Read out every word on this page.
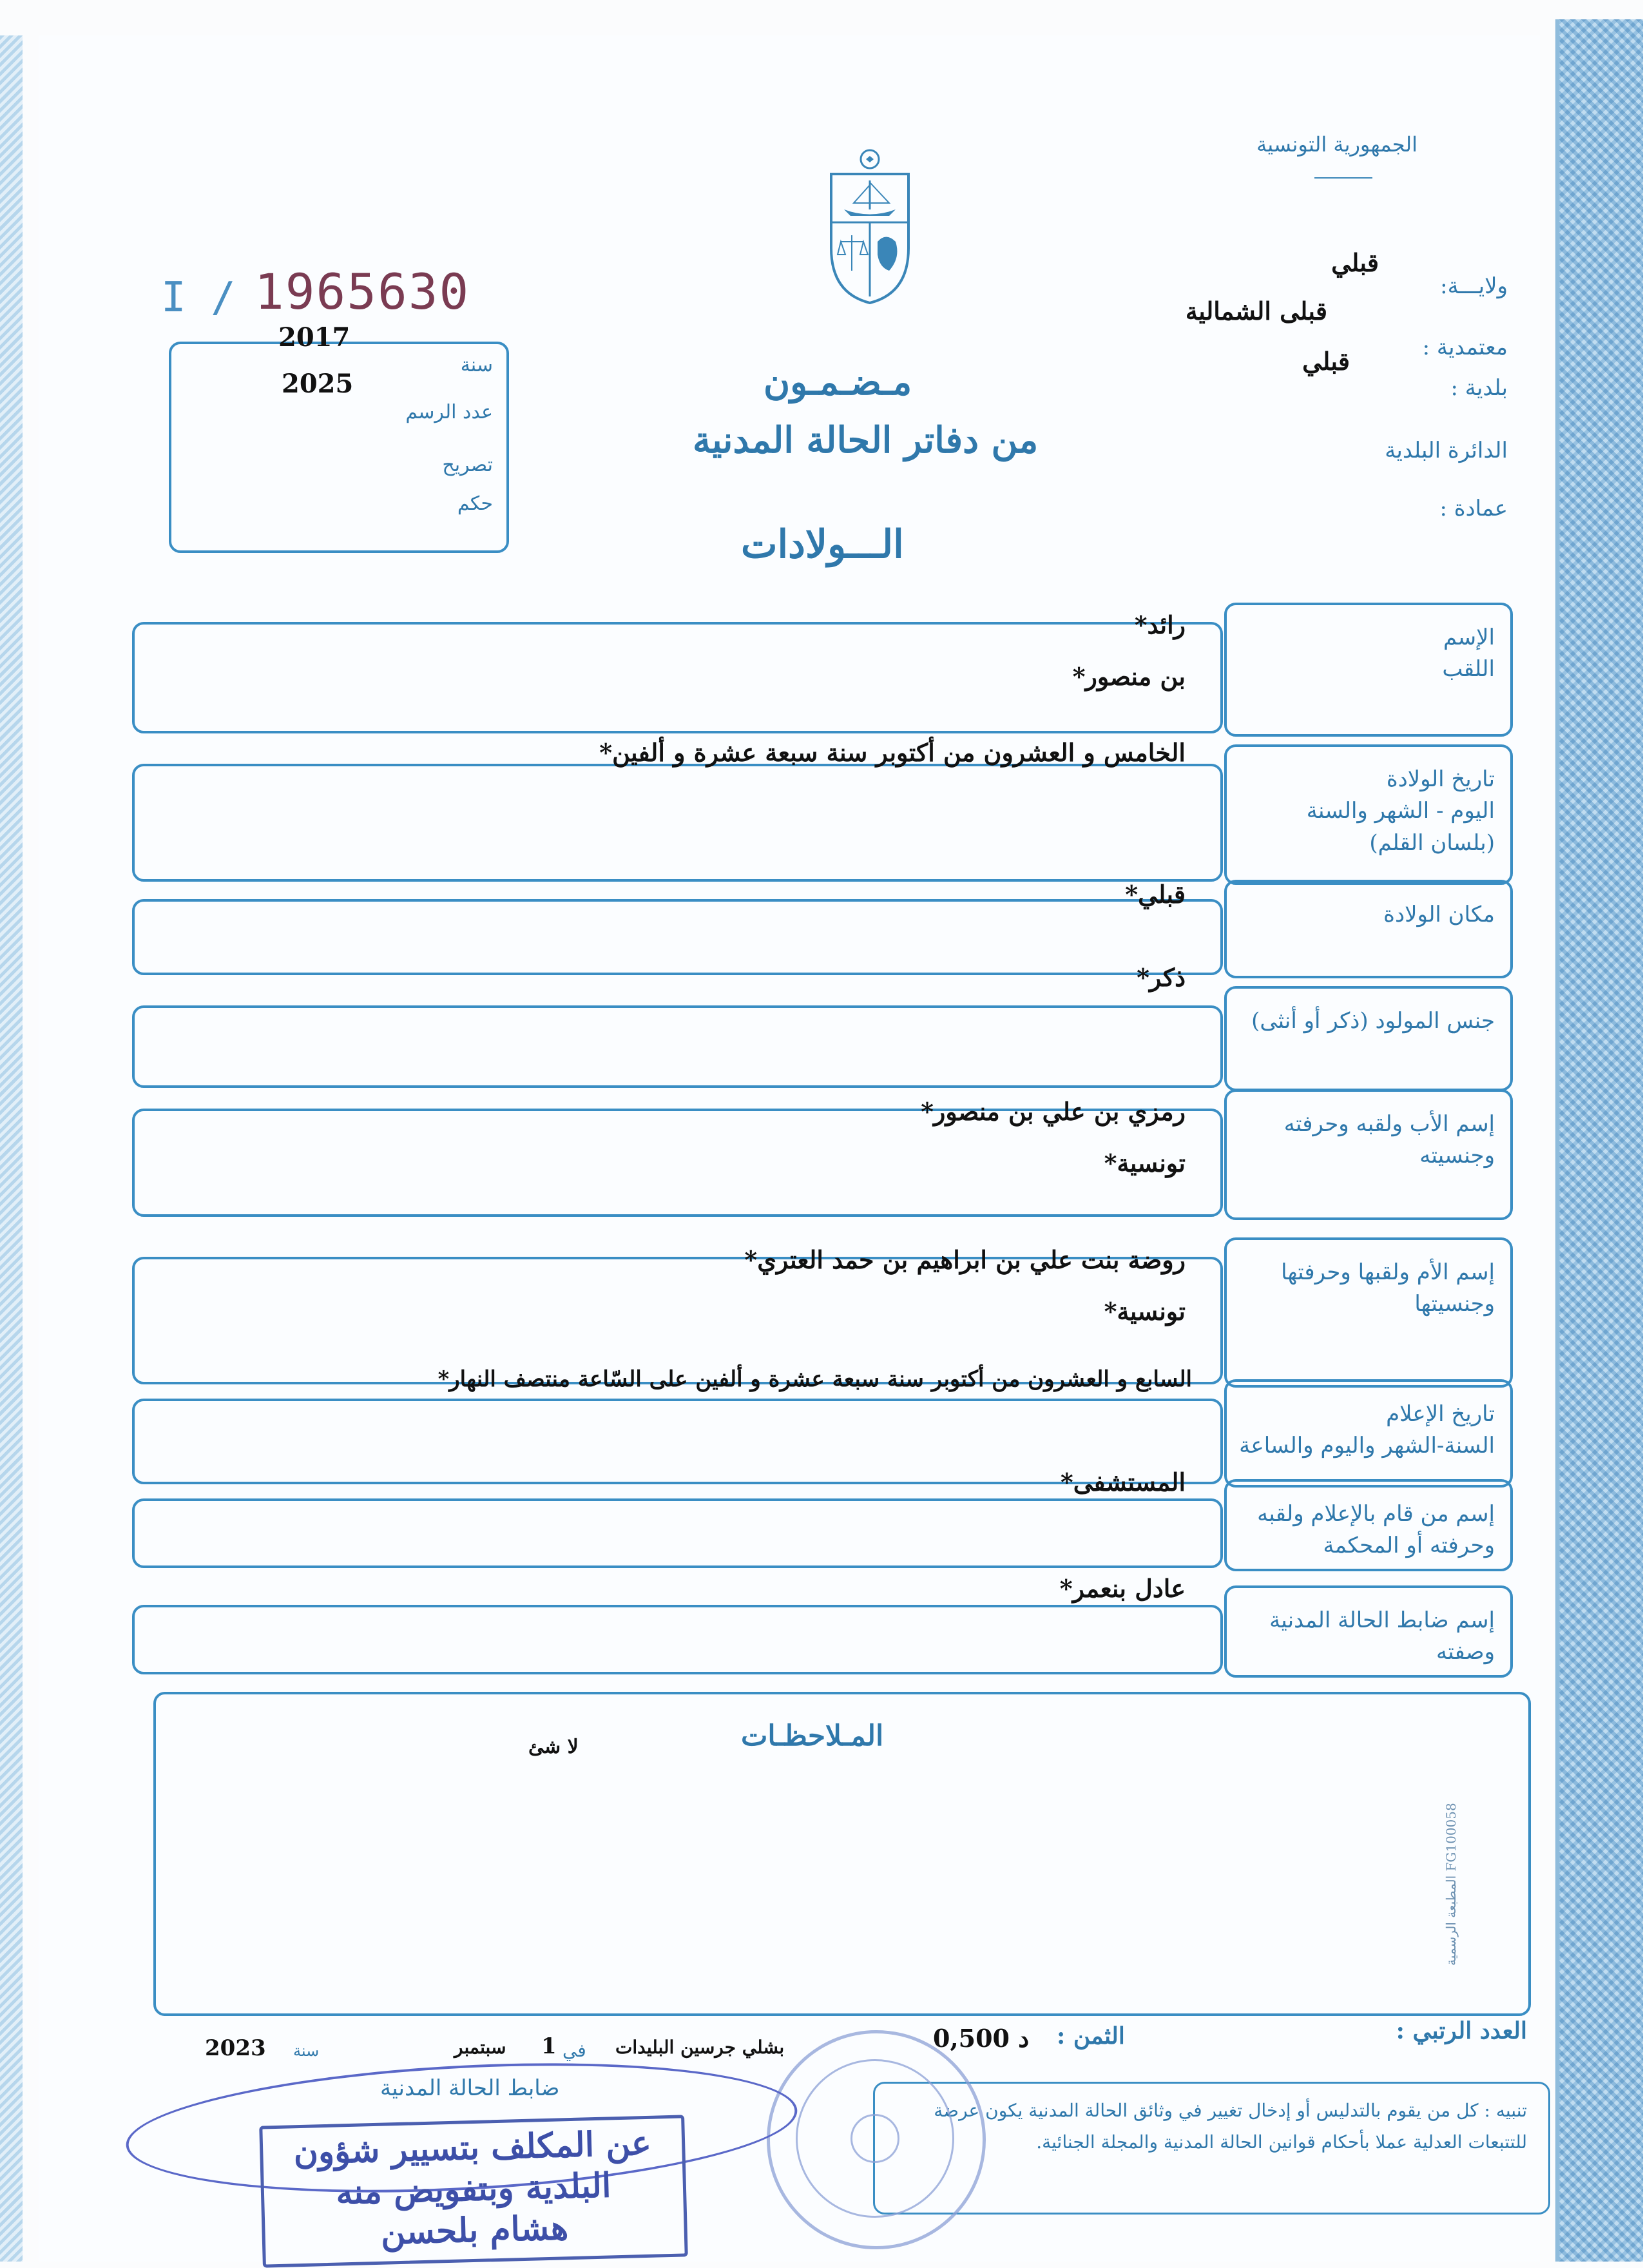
الجمهورية التونسية
I / 1965630
2017
2025
سنة
عدد الرسم
تصريح
حكم
ولايـــة:
قبلي
معتمدية :
قبلى الشمالية
بلدية :
قبلي
الدائرة البلدية
عمادة :
مـضـمـون
من دفاتر الحالة المدنية
الـــولادات
الإسم
اللقب
رائد*
بن منصور*
تاريخ الولادة
اليوم - الشهر والسنة
(بلسان القلم)
الخامس و العشرون من أكتوبر سنة سبعة عشرة و ألفين*
مكان الولادة
قبلي*
جنس المولود (ذكر أو أنثى)
ذكر*
إسم الأب ولقبه وحرفته
وجنسيته
رمزي بن علي بن منصور*
تونسية*
إسم الأم ولقبها وحرفتها
وجنسيتها
روضة بنت علي بن ابراهيم بن حمد العتري*
تونسية*
تاريخ الإعلام
السنة-الشهر واليوم والساعة
السابع و العشرون من أكتوبر سنة سبعة عشرة و ألفين على السّاعة منتصف النهار*
إسم من قام بالإعلام ولقبه
وحرفته أو المحكمة
المستشفى*
إسم ضابط الحالة المدنية
وصفته
عادل بنعمر*
المـلاحظـات
لا شئ
المطبعة الرسمية FG100058
العدد الرتبي :
الثمن :
0,500 د
بشلي جرسين البليدات
في
1
سبتمبر
سنة
2023
ضابط الحالة المدنية
تنبيه : كل من يقوم بالتدليس أو إدخال تغيير في وثائق الحالة المدنية يكون عرضة للتتبعات العدلية عملا بأحكام قوانين الحالة المدنية والمجلة الجنائية.
عن المكلف بتسيير شؤون
البلدية وبتفويض منه
هشام بلحسن
